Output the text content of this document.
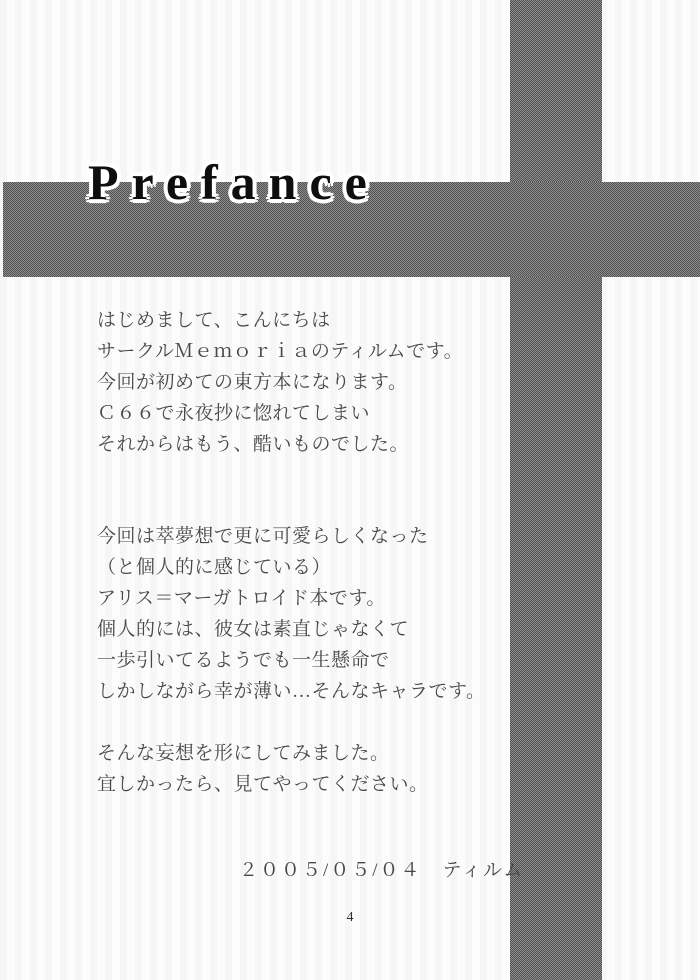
Prefance
はじめまして、こんにちは
サークルＭｅｍｏｒｉａのティルムです。
今回が初めての東方本になります。
Ｃ６６で永夜抄に惚れてしまい
それからはもう、酷いものでした。
今回は萃夢想で更に可愛らしくなった
（と個人的に感じている）
アリス＝マーガトロイド本です。
個人的には、彼女は素直じゃなくて
一歩引いてるようでも一生懸命で
しかしながら幸が薄い…そんなキャラです。
そんな妄想を形にしてみました。
宜しかったら、見てやってください。
２００５/０５/０４　ティルム
4
